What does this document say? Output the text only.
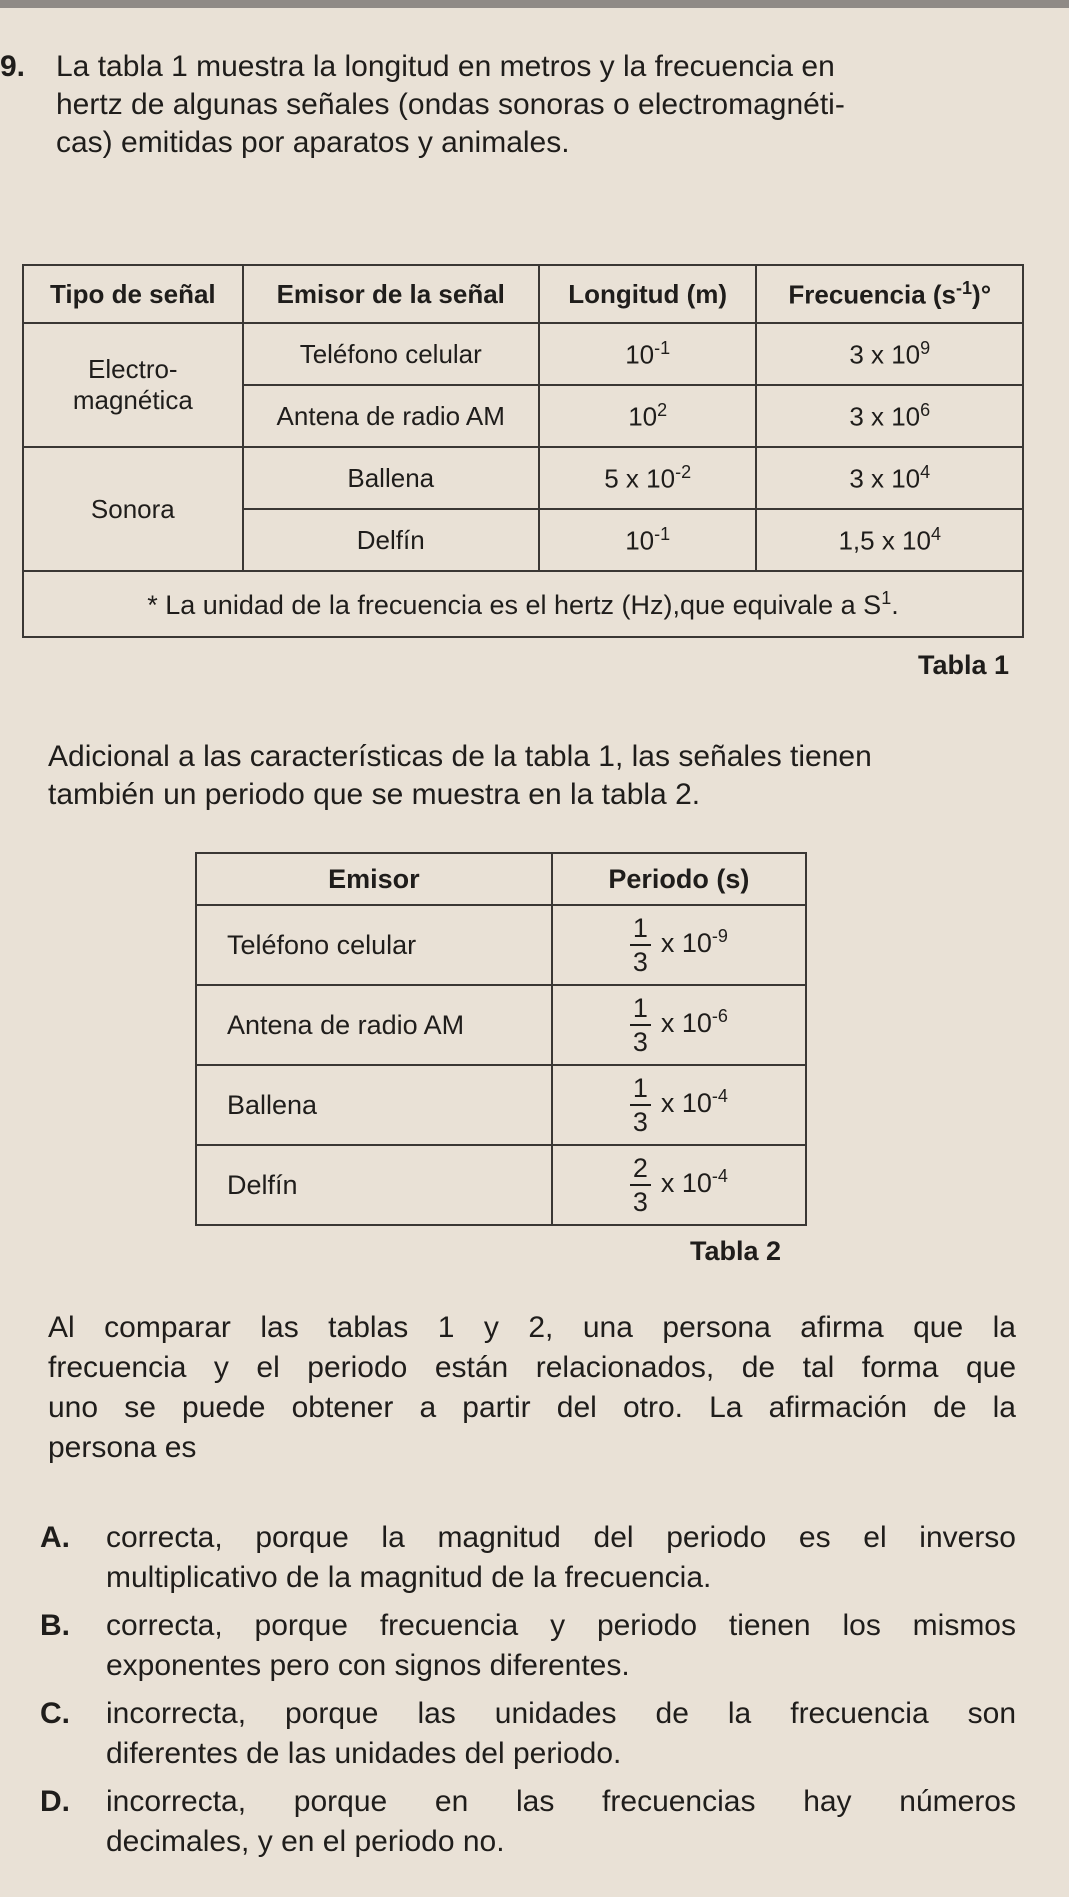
9. La tabla 1 muestra la longitud en metros y la frecuencia en
hertz de algunas señales (ondas sonoras o electromagnéti-
cas) emitidas por aparatos y animales.
Tipo de señal	Emisor de la señal	Longitud (m)	Frecuencia $(s^{-1})^\circ$
Electro-
magnética	Teléfono celular	$10^{-1}$	3 x $10^9$
	Antena de radio AM	$10^2$	3 x $10^6$
Sonora	Ballena	5 x $10^{-2}$	3 x $10^4$
	Delfín	$10^{-1}$	1,5 x $10^4$
* La unidad de la frecuencia es el hertz (Hz),que equivale a $S^1$.			
Tabla 1
Adicional a las características de la tabla 1, las señales tienen
también un periodo que se muestra en la tabla 2.
Emisor	Periodo (s)
Teléfono celular	$\frac{1}{3}$ x $10^{-9}$
Antena de radio AM	$\frac{1}{3}$ x $10^{-6}$
Ballena	$\frac{1}{3}$ x $10^{-4}$
Delfín	$\frac{2}{3}$ x $10^{-4}$
Tabla 2
Al comparar las tablas 1 y 2, una persona afirma que la
frecuencia y el periodo están relacionados, de tal forma que
uno se puede obtener a partir del otro. La afirmación de la
persona es
A. correcta, porque la magnitud del periodo es el inverso
multiplicativo de la magnitud de la frecuencia.
B. correcta, porque frecuencia y periodo tienen los mismos
exponentes pero con signos diferentes.
C. incorrecta, porque las unidades de la frecuencia son
diferentes de las unidades del periodo.
D. incorrecta, porque en las frecuencias hay números
decimales, y en el periodo no.
